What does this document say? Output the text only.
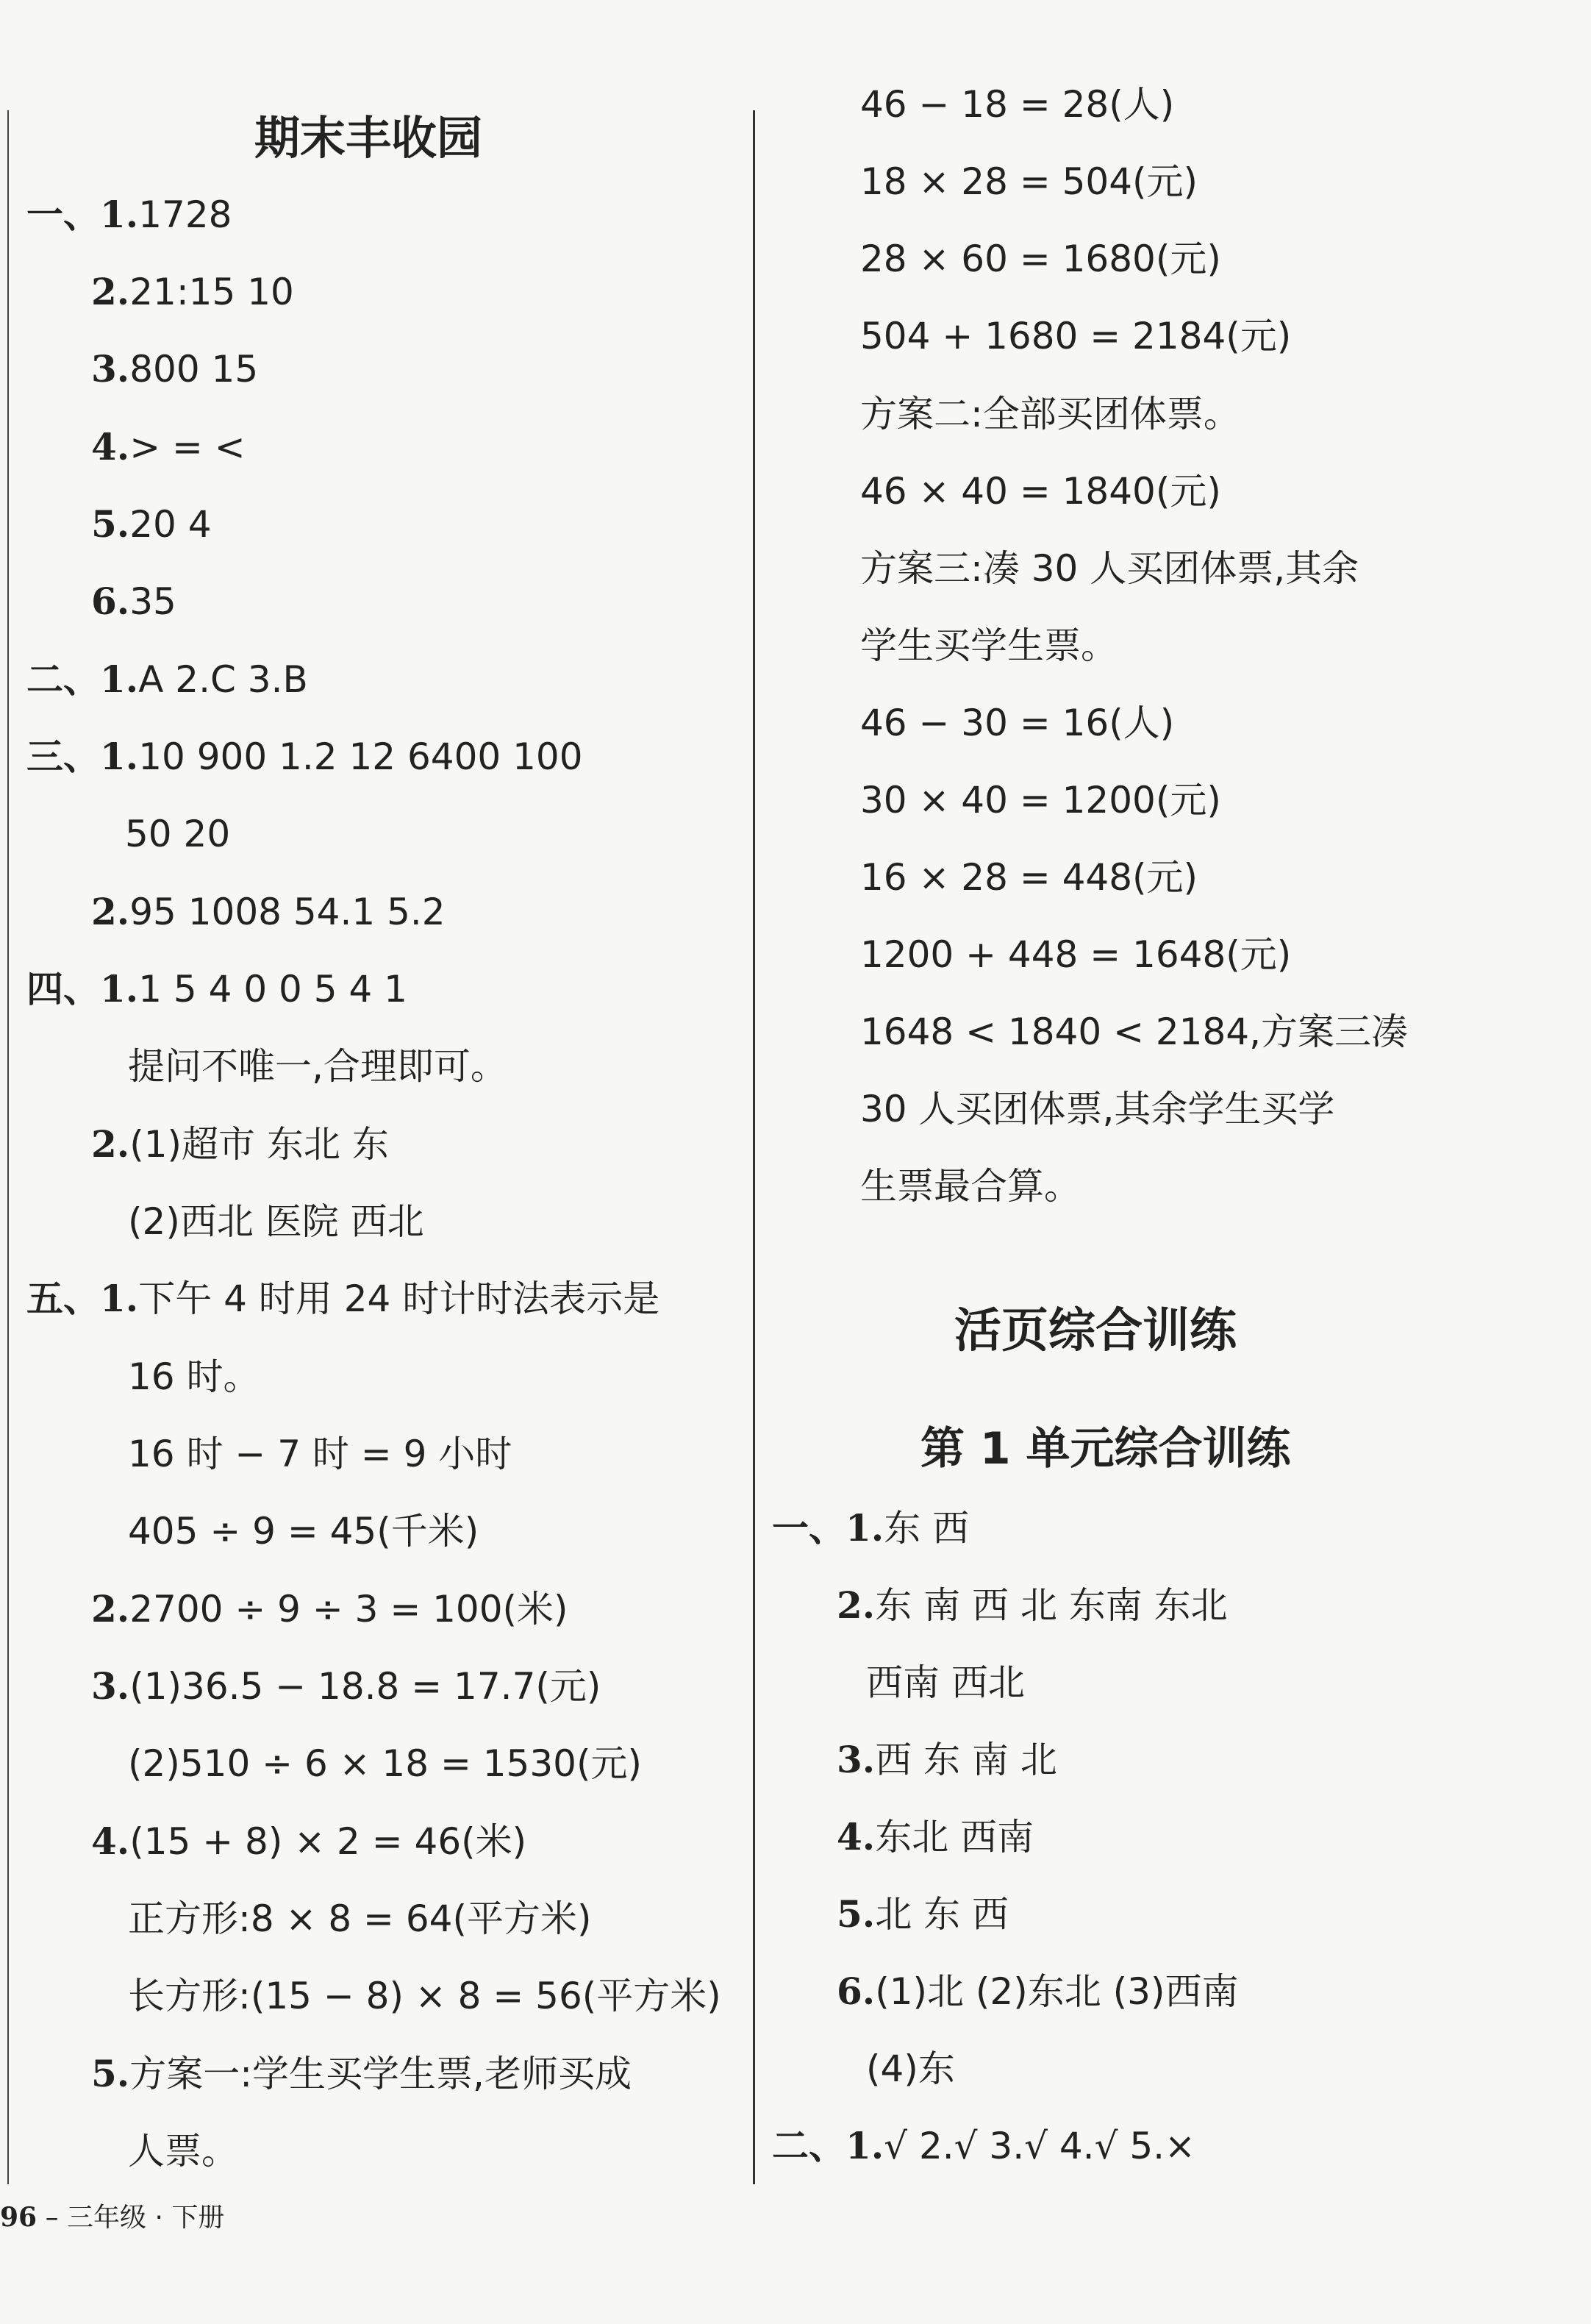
期末丰收园
一、1.1728
2.21:15 10
3.800 15
4.> = <
5.20 4
6.35
二、1.A 2.C 3.B
三、1.10 900 1.2 12 6400 100
50 20
2.95 1008 54.1 5.2
四、1.1 5 4 0 0 5 4 1
提问不唯一,合理即可。
2.(1)超市 东北 东
(2)西北 医院 西北
五、1.下午 4 时用 24 时计时法表示是
16 时。
16 时 − 7 时 = 9 小时
405 ÷ 9 = 45(千米)
2.2700 ÷ 9 ÷ 3 = 100(米)
3.(1)36.5 − 18.8 = 17.7(元)
(2)510 ÷ 6 × 18 = 1530(元)
4.(15 + 8) × 2 = 46(米)
正方形:8 × 8 = 64(平方米)
长方形:(15 − 8) × 8 = 56(平方米)
5.方案一:学生买学生票,老师买成
人票。
46 − 18 = 28(人)
18 × 28 = 504(元)
28 × 60 = 1680(元)
504 + 1680 = 2184(元)
方案二:全部买团体票。
46 × 40 = 1840(元)
方案三:凑 30 人买团体票,其余
学生买学生票。
46 − 30 = 16(人)
30 × 40 = 1200(元)
16 × 28 = 448(元)
1200 + 448 = 1648(元)
1648 < 1840 < 2184,方案三凑
30 人买团体票,其余学生买学
生票最合算。
活页综合训练
第 1 单元综合训练
一、1.东 西
2.东 南 西 北 东南 东北
西南 西北
3.西 东 南 北
4.东北 西南
5.北 东 西
6.(1)北 (2)东北 (3)西南
(4)东
二、1.√ 2.√ 3.√ 4.√ 5.×
96 – 三年级 · 下册
